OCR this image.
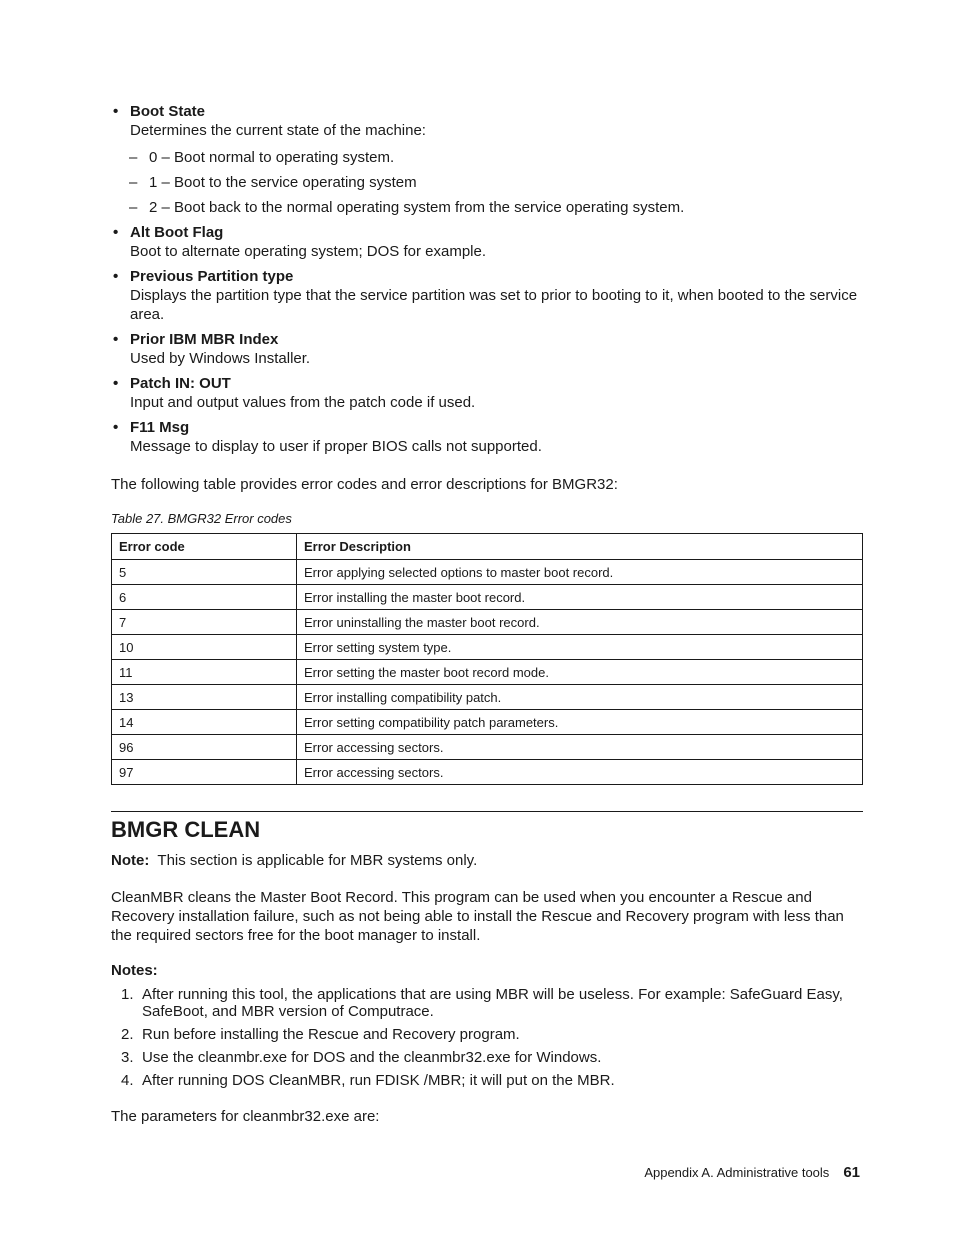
• Boot State
Determines the current state of the machine:
– 0 – Boot normal to operating system.
– 1 – Boot to the service operating system
– 2 – Boot back to the normal operating system from the service operating system.
• Alt Boot Flag
Boot to alternate operating system; DOS for example.
• Previous Partition type
Displays the partition type that the service partition was set to prior to booting to it, when booted to the service area.
• Prior IBM MBR Index
Used by Windows Installer.
• Patch IN: OUT
Input and output values from the patch code if used.
• F11 Msg
Message to display to user if proper BIOS calls not supported.

The following table provides error codes and error descriptions for BMGR32:

Table 27. BMGR32 Error codes
Error code	Error Description
5	Error applying selected options to master boot record.
6	Error installing the master boot record.
7	Error uninstalling the master boot record.
10	Error setting system type.
11	Error setting the master boot record mode.
13	Error installing compatibility patch.
14	Error setting compatibility patch parameters.
96	Error accessing sectors.
97	Error accessing sectors.
BMGR CLEAN

Note: This section is applicable for MBR systems only.

CleanMBR cleans the Master Boot Record. This program can be used when you encounter a Rescue and Recovery installation failure, such as not being able to install the Rescue and Recovery program with less than the required sectors free for the boot manager to install.

Notes:

1. After running this tool, the applications that are using MBR will be useless. For example: SafeGuard Easy, SafeBoot, and MBR version of Computrace.
2. Run before installing the Rescue and Recovery program.
3. Use the cleanmbr.exe for DOS and the cleanmbr32.exe for Windows.
4. After running DOS CleanMBR, run FDISK /MBR; it will put on the MBR.

The parameters for cleanmbr32.exe are:

Appendix A. Administrative tools 61
